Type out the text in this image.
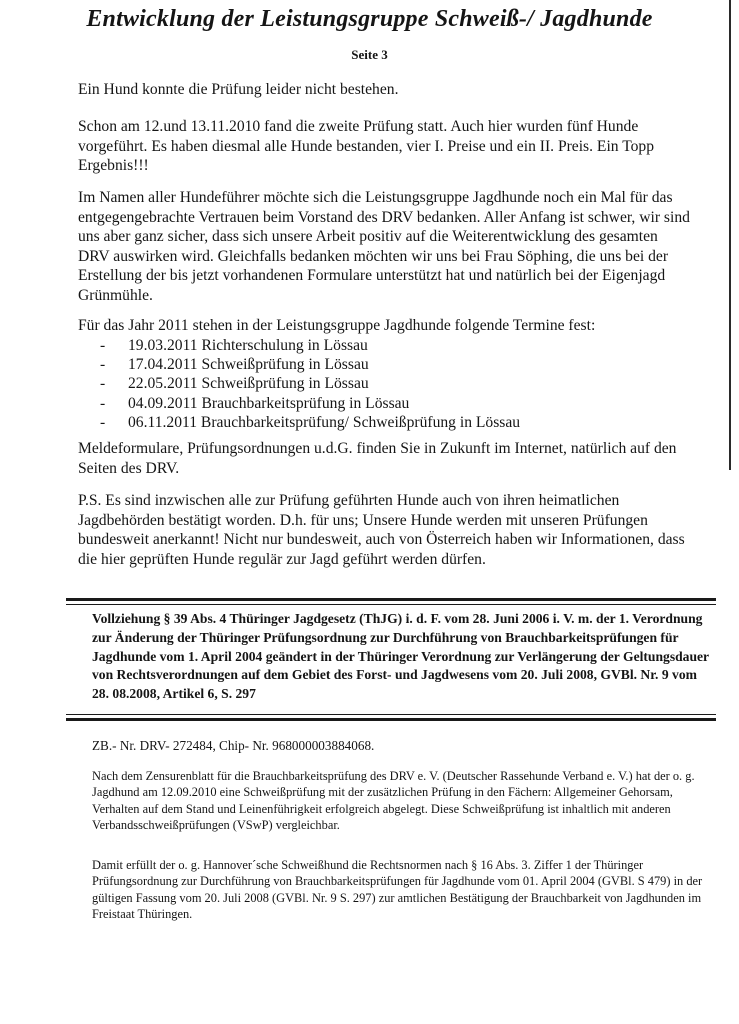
Entwicklung der Leistungsgruppe Schweiß-/ Jagdhunde
Seite 3

Ein Hund konnte die Prüfung leider nicht bestehen.

Schon am 12.und 13.11.2010 fand die zweite Prüfung statt. Auch hier wurden fünf Hunde vorgeführt. Es haben diesmal alle Hunde bestanden, vier I. Preise und ein II. Preis. Ein Topp Ergebnis!!!

Im Namen aller Hundeführer möchte sich die Leistungsgruppe Jagdhunde noch ein Mal für das entgegengebrachte Vertrauen beim Vorstand des DRV bedanken. Aller Anfang ist schwer, wir sind uns aber ganz sicher, dass sich unsere Arbeit positiv auf die Weiterentwicklung des gesamten DRV auswirken wird. Gleichfalls bedanken möchten wir uns bei Frau Söphing, die uns bei der Erstellung der bis jetzt vorhandenen Formulare unterstützt hat und natürlich bei der Eigenjagd Grünmühle.

Für das Jahr 2011 stehen in der Leistungsgruppe Jagdhunde folgende Termine fest:

- 19.03.2011 Richterschulung in Lössau
- 17.04.2011 Schweißprüfung in Lössau
- 22.05.2011 Schweißprüfung in Lössau
- 04.09.2011 Brauchbarkeitsprüfung in Lössau
- 06.11.2011 Brauchbarkeitsprüfung/ Schweißprüfung in Lössau

Meldeformulare, Prüfungsordnungen u.d.G. finden Sie in Zukunft im Internet, natürlich auf den Seiten des DRV.

P.S. Es sind inzwischen alle zur Prüfung geführten Hunde auch von ihren heimatlichen Jagdbehörden bestätigt worden. D.h. für uns; Unsere Hunde werden mit unseren Prüfungen bundesweit anerkannt! Nicht nur bundesweit, auch von Österreich haben wir Informationen, dass die hier geprüften Hunde regulär zur Jagd geführt werden dürfen.

Vollziehung § 39 Abs. 4 Thüringer Jagdgesetz (ThJG) i. d. F. vom 28. Juni 2006 i. V. m. der 1. Verordnung zur Änderung der Thüringer Prüfungsordnung zur Durchführung von Brauchbarkeitsprüfungen für Jagdhunde vom 1. April 2004 geändert in der Thüringer Verordnung zur Verlängerung der Geltungsdauer von Rechtsverordnungen auf dem Gebiet des Forst- und Jagdwesens vom 20. Juli 2008, GVBl. Nr. 9 vom 28. 08.2008, Artikel 6, S. 297

ZB.- Nr. DRV- 272484, Chip- Nr. 968000003884068.

Nach dem Zensurenblatt für die Brauchbarkeitsprüfung des DRV e. V. (Deutscher Rassehunde Verband e. V.) hat der o. g. Jagdhund am 12.09.2010 eine Schweißprüfung mit der zusätzlichen Prüfung in den Fächern: Allgemeiner Gehorsam, Verhalten auf dem Stand und Leinenführigkeit erfolgreich abgelegt. Diese Schweißprüfung ist inhaltlich mit anderen Verbandsschweißprüfungen (VSwP) vergleichbar.

Damit erfüllt der o. g. Hannover´sche Schweißhund die Rechtsnormen nach § 16 Abs. 3. Ziffer 1 der Thüringer Prüfungsordnung zur Durchführung von Brauchbarkeitsprüfungen für Jagdhunde vom 01. April 2004 (GVBl. S 479) in der gültigen Fassung vom 20. Juli 2008 (GVBl. Nr. 9 S. 297) zur amtlichen Bestätigung der Brauchbarkeit von Jagdhunden im Freistaat Thüringen.
